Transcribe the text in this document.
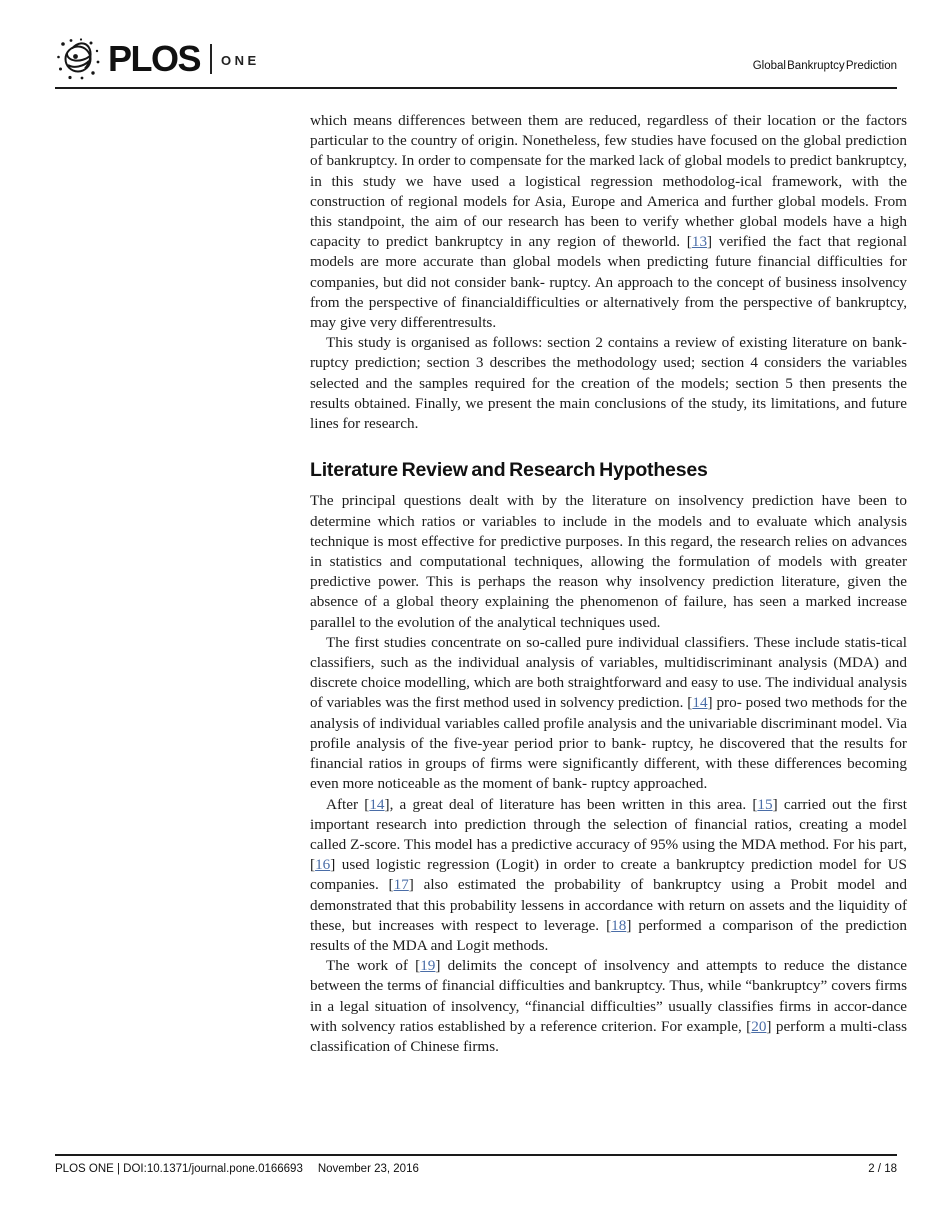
PLOS ONE	Global Bankruptcy Prediction

which means differences between them are reduced, regardless of their location or the factors particular to the country of origin. Nonetheless, few studies have focused on the global prediction of bankruptcy. In order to compensate for the marked lack of global models to predict bankruptcy, in this study we have used a logistical regression methodolog-ical framework, with the construction of regional models for Asia, Europe and America and further global models. From this standpoint, the aim of our research has been to verify whether global models have a high capacity to predict bankruptcy in any region of theworld. [13] verified the fact that regional models are more accurate than global models when predicting future financial difficulties for companies, but did not consider bank- ruptcy. An approach to the concept of business insolvency from the perspective of financialdifficulties or alternatively from the perspective of bankruptcy, may give very differentresults.

This study is organised as follows: section 2 contains a review of existing literature on bank-ruptcy prediction; section 3 describes the methodology used; section 4 considers the variables selected and the samples required for the creation of the models; section 5 then presents the results obtained. Finally, we present the main conclusions of the study, its limitations, and future lines for research.

Literature Review and Research Hypotheses

The principal questions dealt with by the literature on insolvency prediction have been to determine which ratios or variables to include in the models and to evaluate which analysis technique is most effective for predictive purposes. In this regard, the research relies on advances in statistics and computational techniques, allowing the formulation of models with greater predictive power. This is perhaps the reason why insolvency prediction literature, given the absence of a global theory explaining the phenomenon of failure, has seen a marked increase parallel to the evolution of the analytical techniques used.

The first studies concentrate on so-called pure individual classifiers. These include statis-tical classifiers, such as the individual analysis of variables, multidiscriminant analysis (MDA) and discrete choice modelling, which are both straightforward and easy to use. The individual analysis of variables was the first method used in solvency prediction. [14] pro- posed two methods for the analysis of individual variables called profile analysis and the univariable discriminant model. Via profile analysis of the five-year period prior to bank- ruptcy, he discovered that the results for financial ratios in groups of firms were significantly different, with these differences becoming even more noticeable as the moment of bank- ruptcy approached.

After [14], a great deal of literature has been written in this area. [15] carried out the first important research into prediction through the selection of financial ratios, creating a model called Z-score. This model has a predictive accuracy of 95% using the MDA method. For his part, [16] used logistic regression (Logit) in order to create a bankruptcy prediction model for US companies. [17] also estimated the probability of bankruptcy using a Probit model and demonstrated that this probability lessens in accordance with return on assets and the liquidity of these, but increases with respect to leverage. [18] performed a comparison of the prediction results of the MDA and Logit methods.

The work of [19] delimits the concept of insolvency and attempts to reduce the distance between the terms of financial difficulties and bankruptcy. Thus, while “bankruptcy” covers firms in a legal situation of insolvency, “financial difficulties” usually classifies firms in accor-dance with solvency ratios established by a reference criterion. For example, [20] perform a multi-class classification of Chinese firms.

PLOS ONE | DOI:10.1371/journal.pone.0166693 November 23, 2016	2 / 18
